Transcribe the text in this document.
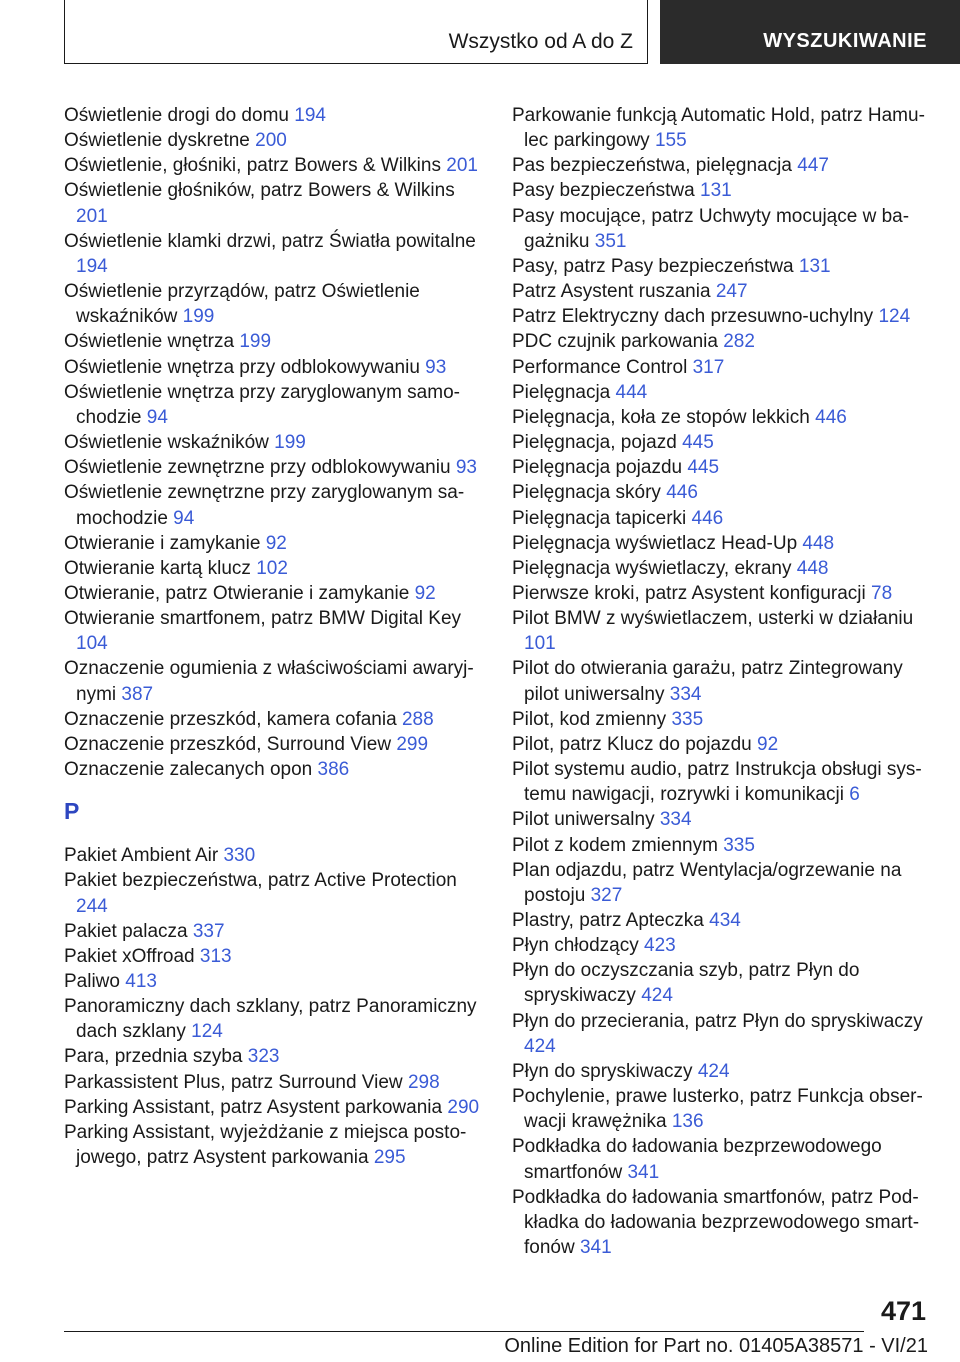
Wszystko od A do Z	WYSZUKIWANIE
Oświetlenie drogi do domu 194
Oświetlenie dyskretne 200
Oświetlenie, głośniki, patrz Bowers & Wilkins 201
Oświetlenie głośników, patrz Bowers & Wilkins 201
Oświetlenie klamki drzwi, patrz Światła powitalne 194
Oświetlenie przyrządów, patrz Oświetlenie wskaźników 199
Oświetlenie wnętrza 199
Oświetlenie wnętrza przy odblokowywaniu 93
Oświetlenie wnętrza przy zaryglowanym samochodzie 94
Oświetlenie wskaźników 199
Oświetlenie zewnętrzne przy odblokowywaniu 93
Oświetlenie zewnętrzne przy zaryglowanym samochodzie 94
Otwieranie i zamykanie 92
Otwieranie kartą klucz 102
Otwieranie, patrz Otwieranie i zamykanie 92
Otwieranie smartfonem, patrz BMW Digital Key 104
Oznaczenie ogumienia z właściwościami awaryjnymi 387
Oznaczenie przeszkód, kamera cofania 288
Oznaczenie przeszkód, Surround View 299
Oznaczenie zalecanych opon 386
P
Pakiet Ambient Air 330
Pakiet bezpieczeństwa, patrz Active Protection 244
Pakiet palacza 337
Pakiet xOffroad 313
Paliwo 413
Panoramiczny dach szklany, patrz Panoramiczny dach szklany 124
Para, przednia szyba 323
Parkassistent Plus, patrz Surround View 298
Parking Assistant, patrz Asystent parkowania 290
Parking Assistant, wyjeżdżanie z miejsca postojowego, patrz Asystent parkowania 295
Parkowanie funkcją Automatic Hold, patrz Hamulec parkingowy 155
Pas bezpieczeństwa, pielęgnacja 447
Pasy bezpieczeństwa 131
Pasy mocujące, patrz Uchwyty mocujące w bagażniku 351
Pasy, patrz Pasy bezpieczeństwa 131
Patrz Asystent ruszania 247
Patrz Elektryczny dach przesuwno-uchylny 124
PDC czujnik parkowania 282
Performance Control 317
Pielęgnacja 444
Pielęgnacja, koła ze stopów lekkich 446
Pielęgnacja, pojazd 445
Pielęgnacja pojazdu 445
Pielęgnacja skóry 446
Pielęgnacja tapicerki 446
Pielęgnacja wyświetlacz Head-Up 448
Pielęgnacja wyświetlaczy, ekrany 448
Pierwsze kroki, patrz Asystent konfiguracji 78
Pilot BMW z wyświetlaczem, usterki w działaniu 101
Pilot do otwierania garażu, patrz Zintegrowany pilot uniwersalny 334
Pilot, kod zmienny 335
Pilot, patrz Klucz do pojazdu 92
Pilot systemu audio, patrz Instrukcja obsługi systemu nawigacji, rozrywki i komunikacji 6
Pilot uniwersalny 334
Pilot z kodem zmiennym 335
Plan odjazdu, patrz Wentylacja/ogrzewanie na postoju 327
Plastry, patrz Apteczka 434
Płyn chłodzący 423
Płyn do oczyszczania szyb, patrz Płyn do spryskiwaczy 424
Płyn do przecierania, patrz Płyn do spryskiwaczy 424
Płyn do spryskiwaczy 424
Pochylenie, prawe lusterko, patrz Funkcja obserwacji krawężnika 136
Podkładka do ładowania bezprzewodowego smartfonów 341
Podkładka do ładowania smartfonów, patrz Podkładka do ładowania bezprzewodowego smartfonów 341
471
Online Edition for Part no. 01405A38571 - VI/21
